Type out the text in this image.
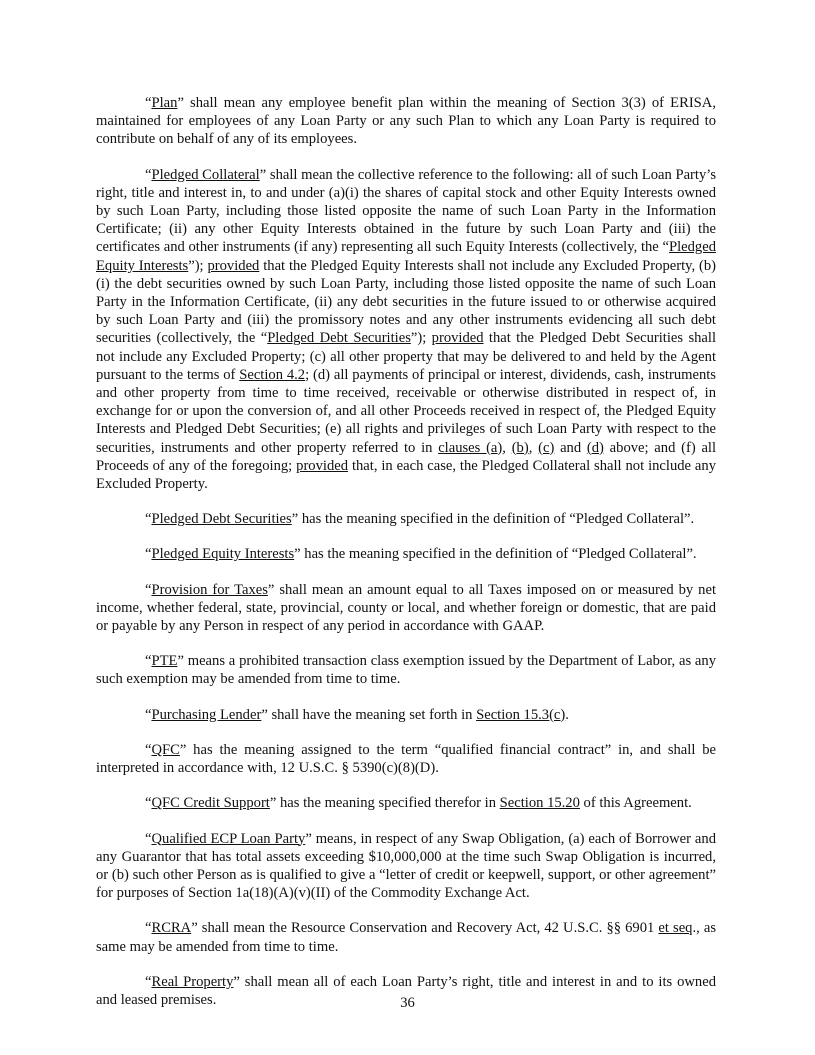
“Plan” shall mean any employee benefit plan within the meaning of Section 3(3) of ERISA, maintained for employees of any Loan Party or any such Plan to which any Loan Party is required to contribute on behalf of any of its employees.

“Pledged Collateral” shall mean the collective reference to the following: all of such Loan Party’s right, title and interest in, to and under (a)(i) the shares of capital stock and other Equity Interests owned by such Loan Party, including those listed opposite the name of such Loan Party in the Information Certificate; (ii) any other Equity Interests obtained in the future by such Loan Party and (iii) the certificates and other instruments (if any) representing all such Equity Interests (collectively, the “Pledged Equity Interests”); provided that the Pledged Equity Interests shall not include any Excluded Property, (b)(i) the debt securities owned by such Loan Party, including those listed opposite the name of such Loan Party in the Information Certificate, (ii) any debt securities in the future issued to or otherwise acquired by such Loan Party and (iii) the promissory notes and any other instruments evidencing all such debt securities (collectively, the “Pledged Debt Securities”); provided that the Pledged Debt Securities shall not include any Excluded Property; (c) all other property that may be delivered to and held by the Agent pursuant to the terms of Section 4.2; (d) all payments of principal or interest, dividends, cash, instruments and other property from time to time received, receivable or otherwise distributed in respect of, in exchange for or upon the conversion of, and all other Proceeds received in respect of, the Pledged Equity Interests and Pledged Debt Securities; (e) all rights and privileges of such Loan Party with respect to the securities, instruments and other property referred to in clauses (a), (b), (c) and (d) above; and (f) all Proceeds of any of the foregoing; provided that, in each case, the Pledged Collateral shall not include any Excluded Property.

“Pledged Debt Securities” has the meaning specified in the definition of “Pledged Collateral”.

“Pledged Equity Interests” has the meaning specified in the definition of “Pledged Collateral”.

“Provision for Taxes” shall mean an amount equal to all Taxes imposed on or measured by net income, whether federal, state, provincial, county or local, and whether foreign or domestic, that are paid or payable by any Person in respect of any period in accordance with GAAP.

“PTE” means a prohibited transaction class exemption issued by the Department of Labor, as any such exemption may be amended from time to time.

“Purchasing Lender” shall have the meaning set forth in Section 15.3(c).

“QFC” has the meaning assigned to the term “qualified financial contract” in, and shall be interpreted in accordance with, 12 U.S.C. § 5390(c)(8)(D).

“QFC Credit Support” has the meaning specified therefor in Section 15.20 of this Agreement.

“Qualified ECP Loan Party” means, in respect of any Swap Obligation, (a) each of Borrower and any Guarantor that has total assets exceeding $10,000,000 at the time such Swap Obligation is incurred, or (b) such other Person as is qualified to give a “letter of credit or keepwell, support, or other agreement” for purposes of Section 1a(18)(A)(v)(II) of the Commodity Exchange Act.

“RCRA” shall mean the Resource Conservation and Recovery Act, 42 U.S.C. §§ 6901 et seq., as same may be amended from time to time.

“Real Property” shall mean all of each Loan Party’s right, title and interest in and to its owned and leased premises.	36
